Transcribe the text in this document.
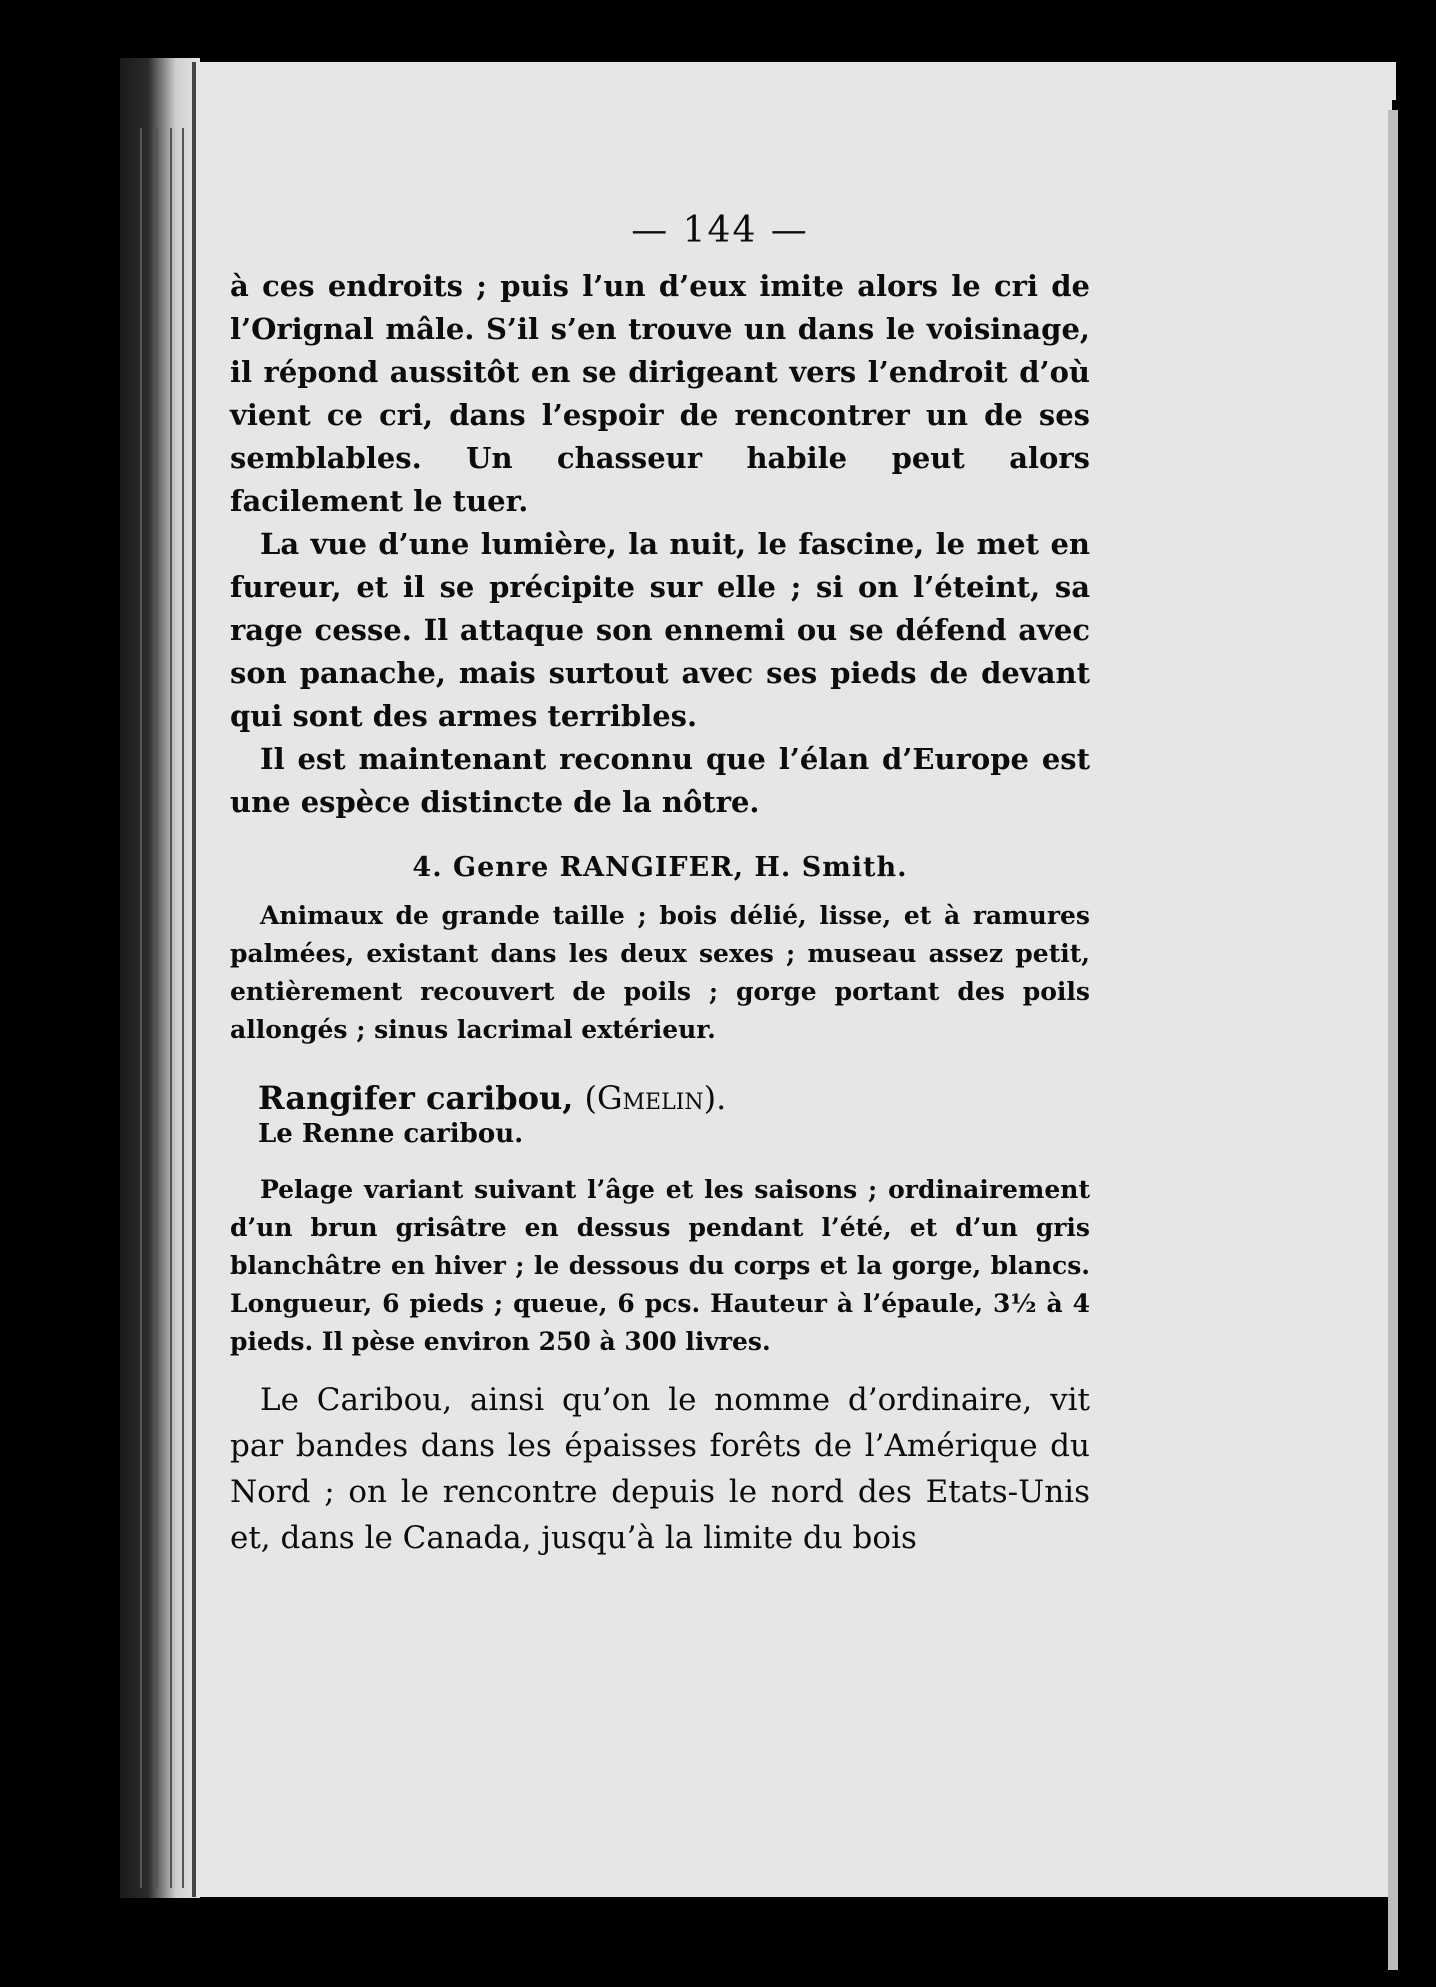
— 144 —

à ces endroits ; puis l’un d’eux imite alors le cri de l’Orignal mâle. S’il s’en trouve un dans le voisinage, il répond aussitôt en se dirigeant vers l’endroit d’où vient ce cri, dans l’espoir de rencontrer un de ses semblables. Un chasseur habile peut alors facilement le tuer.

La vue d’une lumière, la nuit, le fascine, le met en fureur, et il se précipite sur elle ; si on l’éteint, sa rage cesse. Il attaque son ennemi ou se défend avec son panache, mais surtout avec ses pieds de devant qui sont des armes terribles.

Il est maintenant reconnu que l’élan d’Europe est une espèce distincte de la nôtre.

4. Genre RANGIFER, H. Smith.

Animaux de grande taille ; bois délié, lisse, et à ramures palmées, existant dans les deux sexes ; museau assez petit, entièrement recouvert de poils ; gorge portant des poils allongés ; sinus lacrimal extérieur.

Rangifer caribou, (Gmelin).
Le Renne caribou.

Pelage variant suivant l’âge et les saisons ; ordinairement d’un brun grisâtre en dessus pendant l’été, et d’un gris blanchâtre en hiver ; le dessous du corps et la gorge, blancs. Longueur, 6 pieds ; queue, 6 pcs. Hauteur à l’épaule, 3½ à 4 pieds. Il pèse environ 250 à 300 livres.

Le Caribou, ainsi qu’on le nomme d’ordinaire, vit par bandes dans les épaisses forêts de l’Amérique du Nord ; on le rencontre depuis le nord des Etats-Unis et, dans le Canada, jusqu’à la limite du bois
